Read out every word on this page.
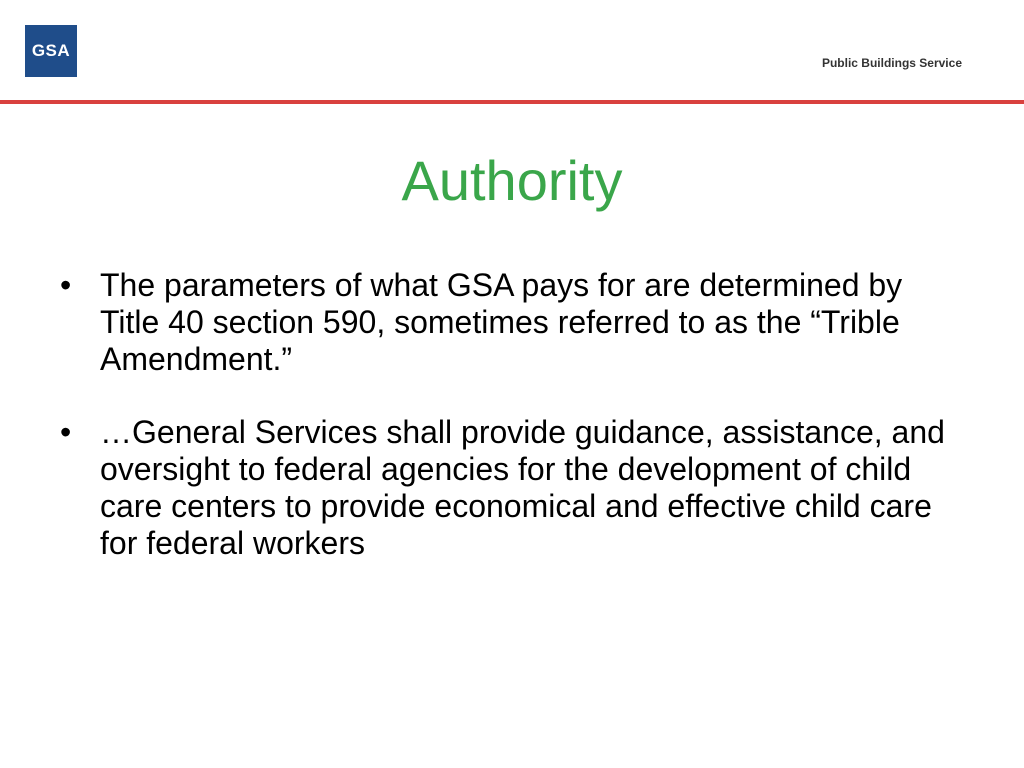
GSA
Public Buildings Service
Authority
• The parameters of what GSA pays for are determined by Title 40 section 590, sometimes referred to as the “Trible Amendment.”
• …General Services shall provide guidance, assistance, and oversight to federal agencies for the development of child care centers to provide economical and effective child care for federal workers
